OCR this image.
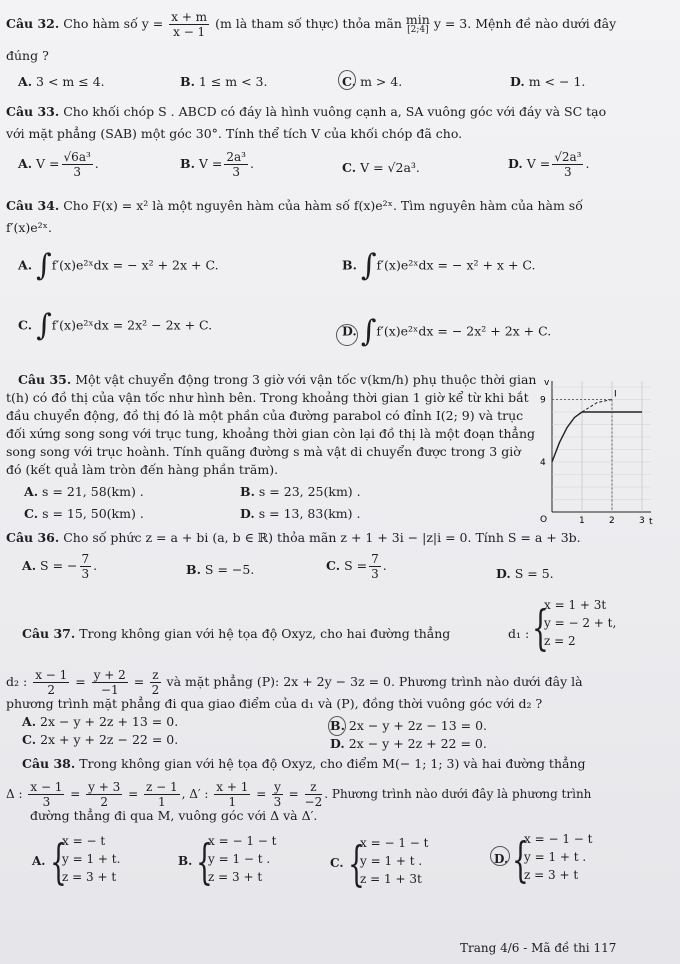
Câu 32. Cho hàm số $y = \frac{x + m}{x - 1} (m$ là tham số thực) thỏa mãn min
[2;4] y = 3. Mệnh đề nào dưới đây
đúng ?
A. 3 < m ≤ 4.	B. 1 ≤ m < 3.	C. m > 4.	D. m < − 1.
Câu 33. Cho khối chóp S . ABCD có đáy là hình vuông cạnh a, SA vuông góc với đáy và SC tạo
với mặt phẳng (SAB) một góc 30°. Tính thể tích V của khối chóp đã cho.
A. $V = \frac{\text{√6a³}}{3}$ .	B. $V = \frac{\text{2a³}}{3}$ .	C. V = √2a³.	D. $V = \frac{\text{√2a³}}{3}$ .
Câu 34. Cho F(x) = x² là một nguyên hàm của hàm số f(x)e²ˣ. Tìm nguyên hàm của hàm số
f′(x)e²ˣ.
A. ∫f′(x)e²ˣdx = − x² + 2x + C.	B. ∫f′(x)e²ˣdx = − x² + x + C.
C. ∫f′(x)e²ˣdx = 2x² − 2x + C.	D. ∫f′(x)e²ˣdx = − 2x² + 2x + C.
Câu 35. Một vật chuyển động trong 3 giờ với vận tốc v(km/h) phụ thuộc thời gian
t(h) có đồ thị của vận tốc như hình bên. Trong khoảng thời gian 1 giờ kể từ khi bắt
đầu chuyển động, đồ thị đó là một phần của đường parabol có đỉnh I(2; 9) và trục
đối xứng song song với trục tung, khoảng thời gian còn lại đồ thị là một đoạn thẳng
song song với trục hoành. Tính quãng đường s mà vật di chuyển được trong 3 giờ
đó (kết quả làm tròn đến hàng phần trăm).
A. s = 21, 58(km) .	B. s = 23, 25(km) .
C. s = 15, 50(km) .	D. s = 13, 83(km) .
v
t
O
9
4
1	2	3
I
Câu 36. Cho số phức z = a + bi (a, b ∈ ℝ) thỏa mãn z + 1 + 3i − |z|i = 0. Tính S = a + 3b.
A. S = − $\frac{7}{3}$ .	B. S = −5.	C. $S = \frac{7}{3}$ .
D. S = 5.
Câu 37. Trong không gian với hệ tọa độ Oxyz, cho hai đường thẳng	d₁ : {
x = 1 + 3t
y = − 2 + t,
z = 2
d₂ : $\frac{x - 1}{2} = \frac{y + 2}{-1} = \frac{z}{2}$ và mặt phẳng (P): 2x + 2y − 3z = 0. Phương trình nào dưới đây là
phương trình mặt phẳng đi qua giao điểm của d₁ và (P), đồng thời vuông góc với d₂ ?
A. 2x − y + 2z + 13 = 0.	B. 2x − y + 2z − 13 = 0.
C. 2x + y + 2z − 22 = 0.	D. 2x − y + 2z + 22 = 0.
Câu 38. Trong không gian với hệ tọa độ Oxyz, cho điểm M(− 1; 1; 3) và hai đường thẳng
Δ : $\frac{x - 1}{3} = \frac{y + 3}{2} = \frac{z - 1}{1}$ , Δ′ : $\frac{x + 1}{1} = \frac{y}{3} = \frac{z}{-2}$ . Phương trình nào dưới đây là phương trình
đường thẳng đi qua M, vuông góc với Δ và Δ′.
A. {
x = − t
y = 1 + t.
z = 3 + t
B. {
x = − 1 − t
y = 1 − t .
z = 3 + t
C. {
x = − 1 − t
y = 1 + t .
z = 1 + 3t
D. {
x = − 1 − t
y = 1 + t .
z = 3 + t
Trang 4/6 - Mã đề thi 117
